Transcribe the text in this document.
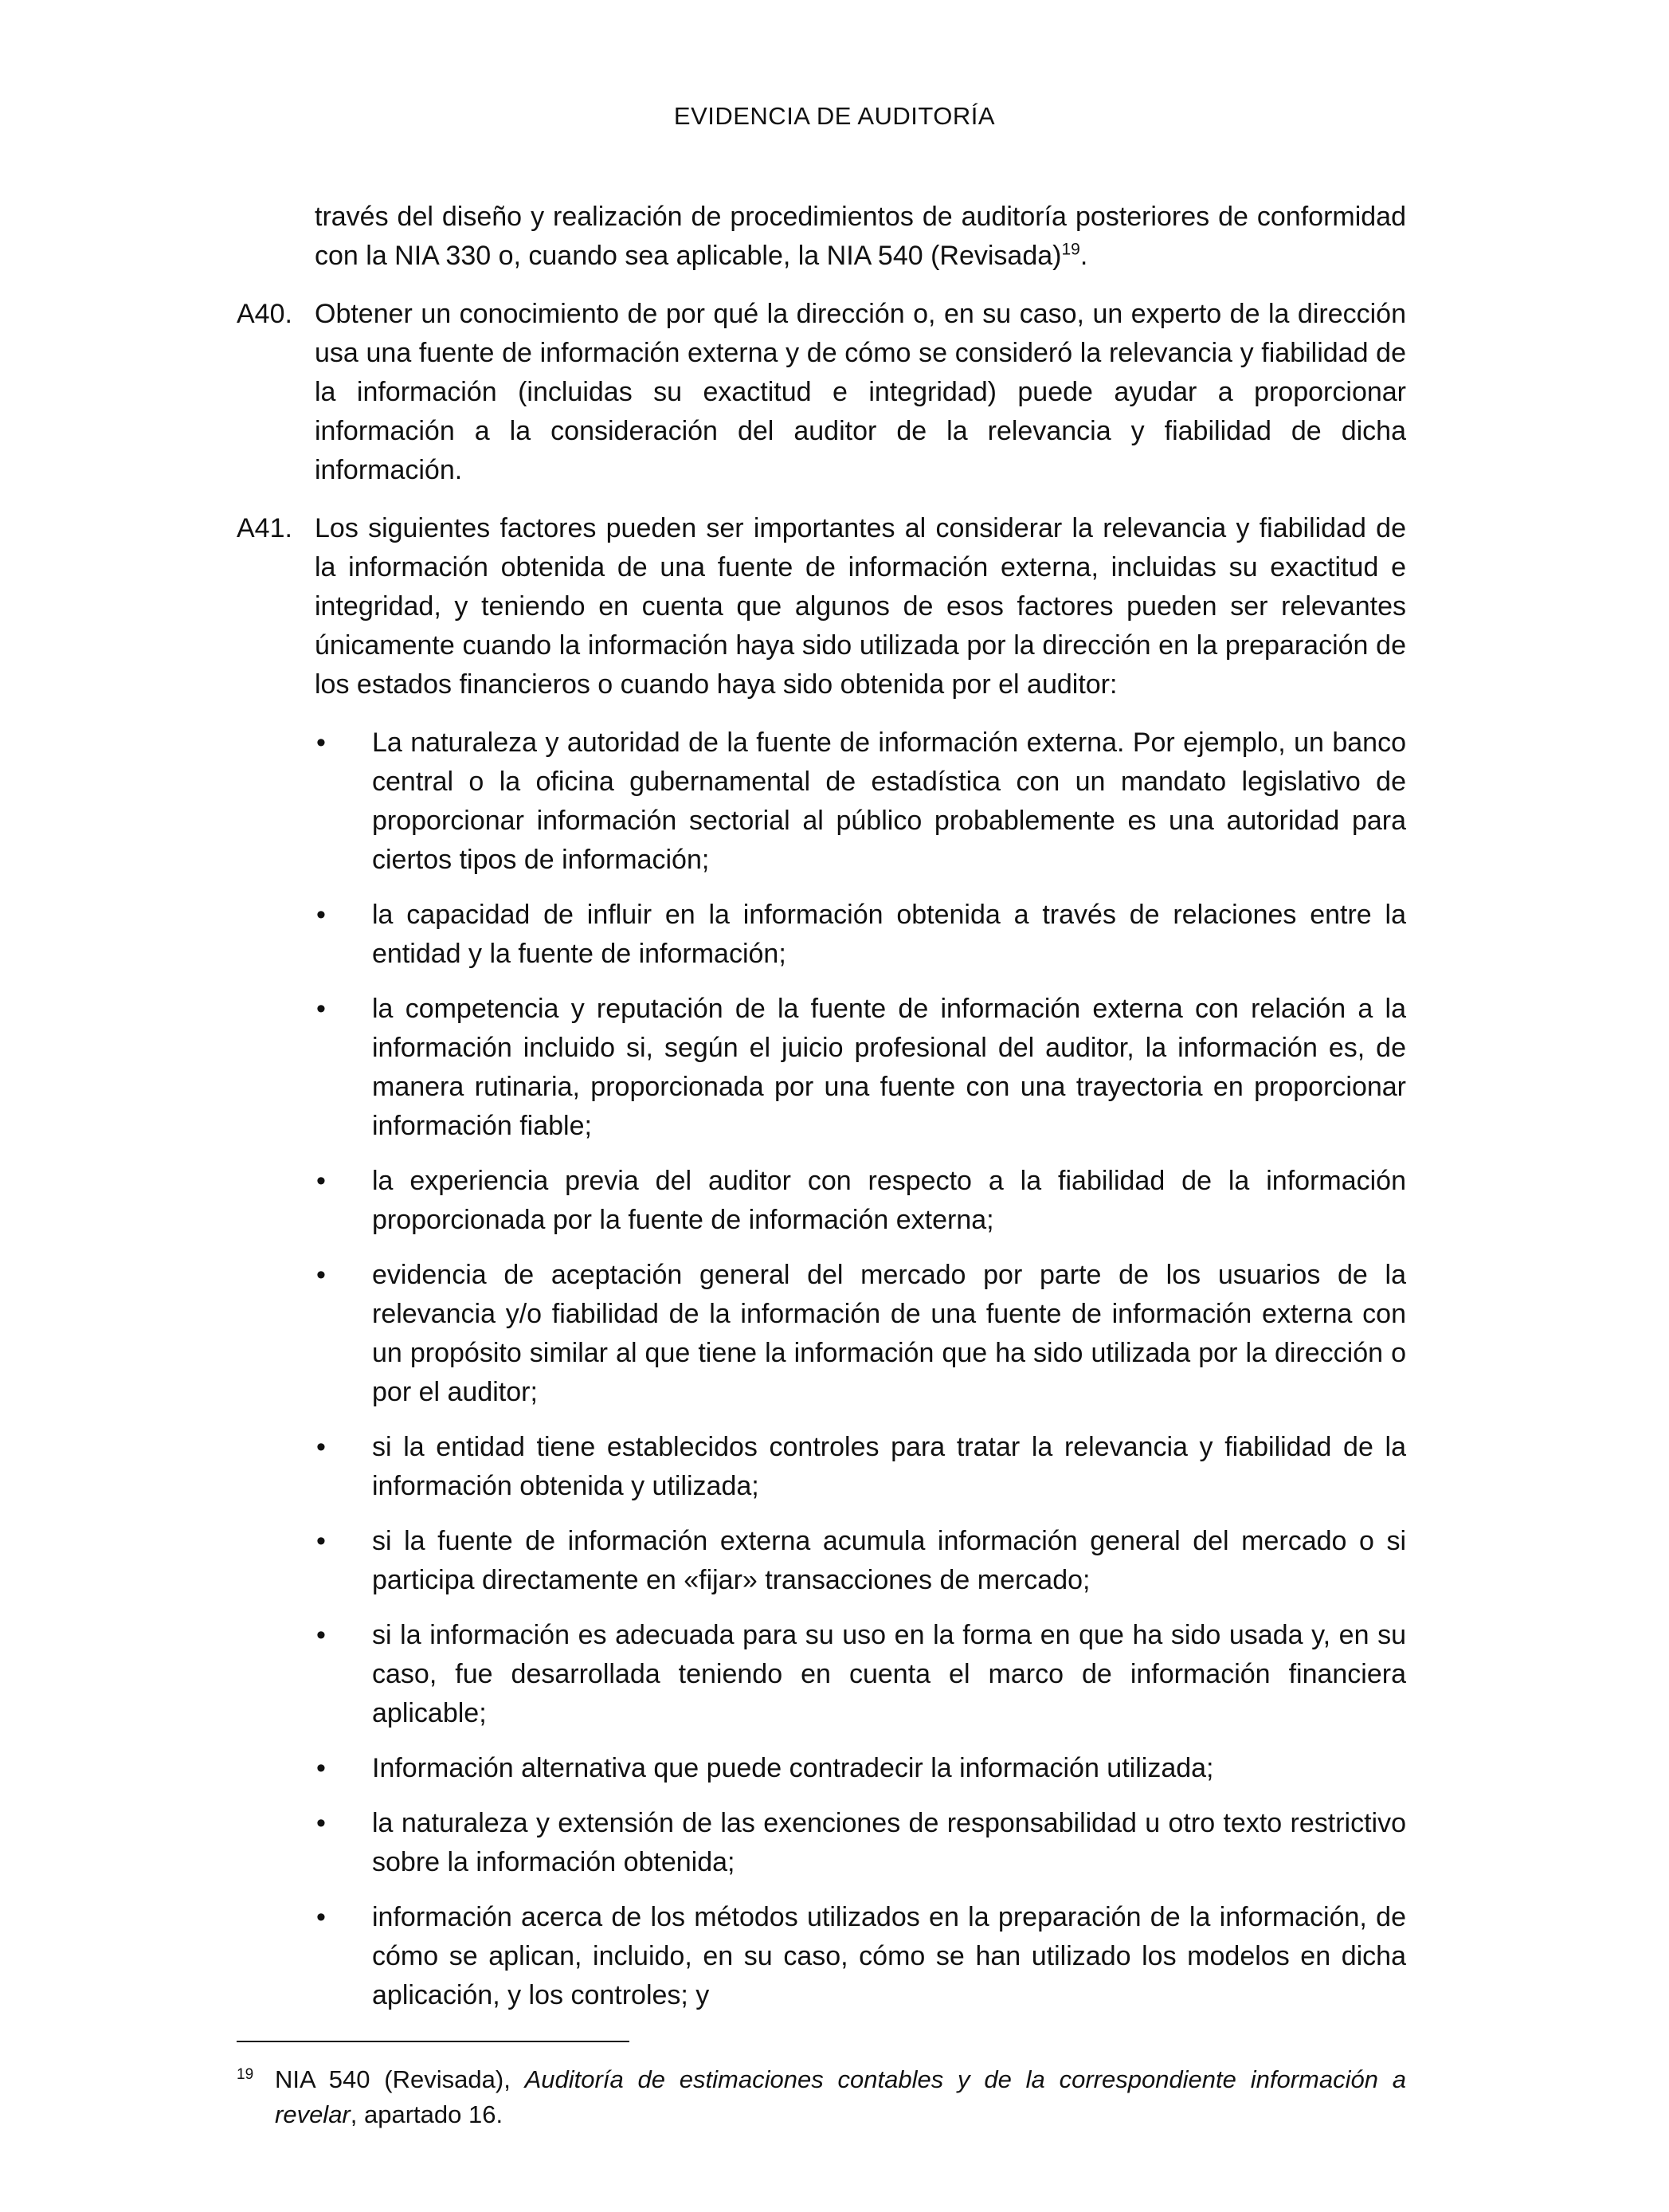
EVIDENCIA DE AUDITORÍA

través del diseño y realización de procedimientos de auditoría posteriores de conformidad con la NIA 330 o, cuando sea aplicable, la NIA 540 (Revisada)$^{19}$.

A40. Obtener un conocimiento de por qué la dirección o, en su caso, un experto de la dirección usa una fuente de información externa y de cómo se consideró la relevancia y fiabilidad de la información (incluidas su exactitud e integridad) puede ayudar a proporcionar información a la consideración del auditor de la relevancia y fiabilidad de dicha información.
A41. Los siguientes factores pueden ser importantes al considerar la relevancia y fiabilidad de la información obtenida de una fuente de información externa, incluidas su exactitud e integridad, y teniendo en cuenta que algunos de esos factores pueden ser relevantes únicamente cuando la información haya sido utilizada por la dirección en la preparación de los estados financieros o cuando haya sido obtenida por el auditor:
•	La naturaleza y autoridad de la fuente de información externa. Por ejemplo, un banco central o la oficina gubernamental de estadística con un mandato legislativo de proporcionar información sectorial al público probablemente es una autoridad para ciertos tipos de información;
•	la capacidad de influir en la información obtenida a través de relaciones entre la entidad y la fuente de información;
•	la competencia y reputación de la fuente de información externa con relación a la información incluido si, según el juicio profesional del auditor, la información es, de manera rutinaria, proporcionada por una fuente con una trayectoria en proporcionar información fiable;
•	la experiencia previa del auditor con respecto a la fiabilidad de la información proporcionada por la fuente de información externa;
•	evidencia de aceptación general del mercado por parte de los usuarios de la relevancia y/o fiabilidad de la información de una fuente de información externa con un propósito similar al que tiene la información que ha sido utilizada por la dirección o por el auditor;
•	si la entidad tiene establecidos controles para tratar la relevancia y fiabilidad de la información obtenida y utilizada;
•	si la fuente de información externa acumula información general del mercado o si participa directamente en «fijar» transacciones de mercado;
•	si la información es adecuada para su uso en la forma en que ha sido usada y, en su caso, fue desarrollada teniendo en cuenta el marco de información financiera aplicable;
•	Información alternativa que puede contradecir la información utilizada;
•	la naturaleza y extensión de las exenciones de responsabilidad u otro texto restrictivo sobre la información obtenida;
•	información acerca de los métodos utilizados en la preparación de la información, de cómo se aplican, incluido, en su caso, cómo se han utilizado los modelos en dicha aplicación, y los controles; y
19 NIA 540 (Revisada), Auditoría de estimaciones contables y de la correspondiente información a revelar, apartado 16.
